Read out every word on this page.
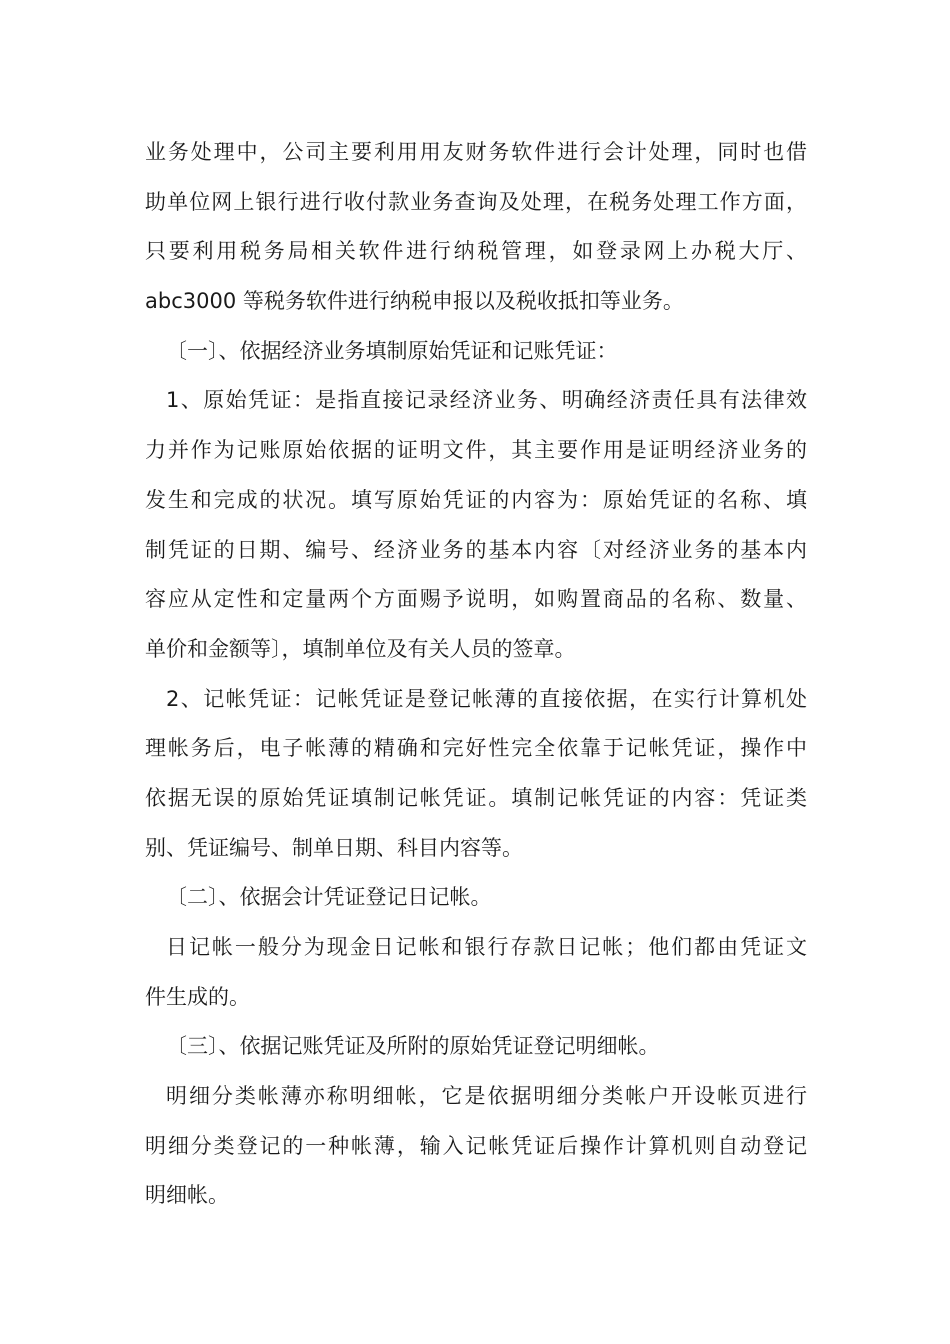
业务处理中，公司主要利用用友财务软件进行会计处理，同时也借
助单位网上银行进行收付款业务查询及处理，在税务处理工作方面，
只要利用税务局相关软件进行纳税管理，如登录网上办税大厅、
abc3000 等税务软件进行纳税申报以及税收抵扣等业务。
〔一〕、依据经济业务填制原始凭证和记账凭证：
1、原始凭证：是指直接记录经济业务、明确经济责任具有法律效
力并作为记账原始依据的证明文件，其主要作用是证明经济业务的
发生和完成的状况。填写原始凭证的内容为：原始凭证的名称、填
制凭证的日期、编号、经济业务的基本内容〔对经济业务的基本内
容应从定性和定量两个方面赐予说明，如购置商品的名称、数量、
单价和金额等〕，填制单位及有关人员的签章。
2、记帐凭证：记帐凭证是登记帐薄的直接依据，在实行计算机处
理帐务后，电子帐薄的精确和完好性完全依靠于记帐凭证，操作中
依据无误的原始凭证填制记帐凭证。填制记帐凭证的内容：凭证类
别、凭证编号、制单日期、科目内容等。
〔二〕、依据会计凭证登记日记帐。
日记帐一般分为现金日记帐和银行存款日记帐；他们都由凭证文
件生成的。
〔三〕、依据记账凭证及所附的原始凭证登记明细帐。
明细分类帐薄亦称明细帐，它是依据明细分类帐户开设帐页进行
明细分类登记的一种帐薄，输入记帐凭证后操作计算机则自动登记
明细帐。
